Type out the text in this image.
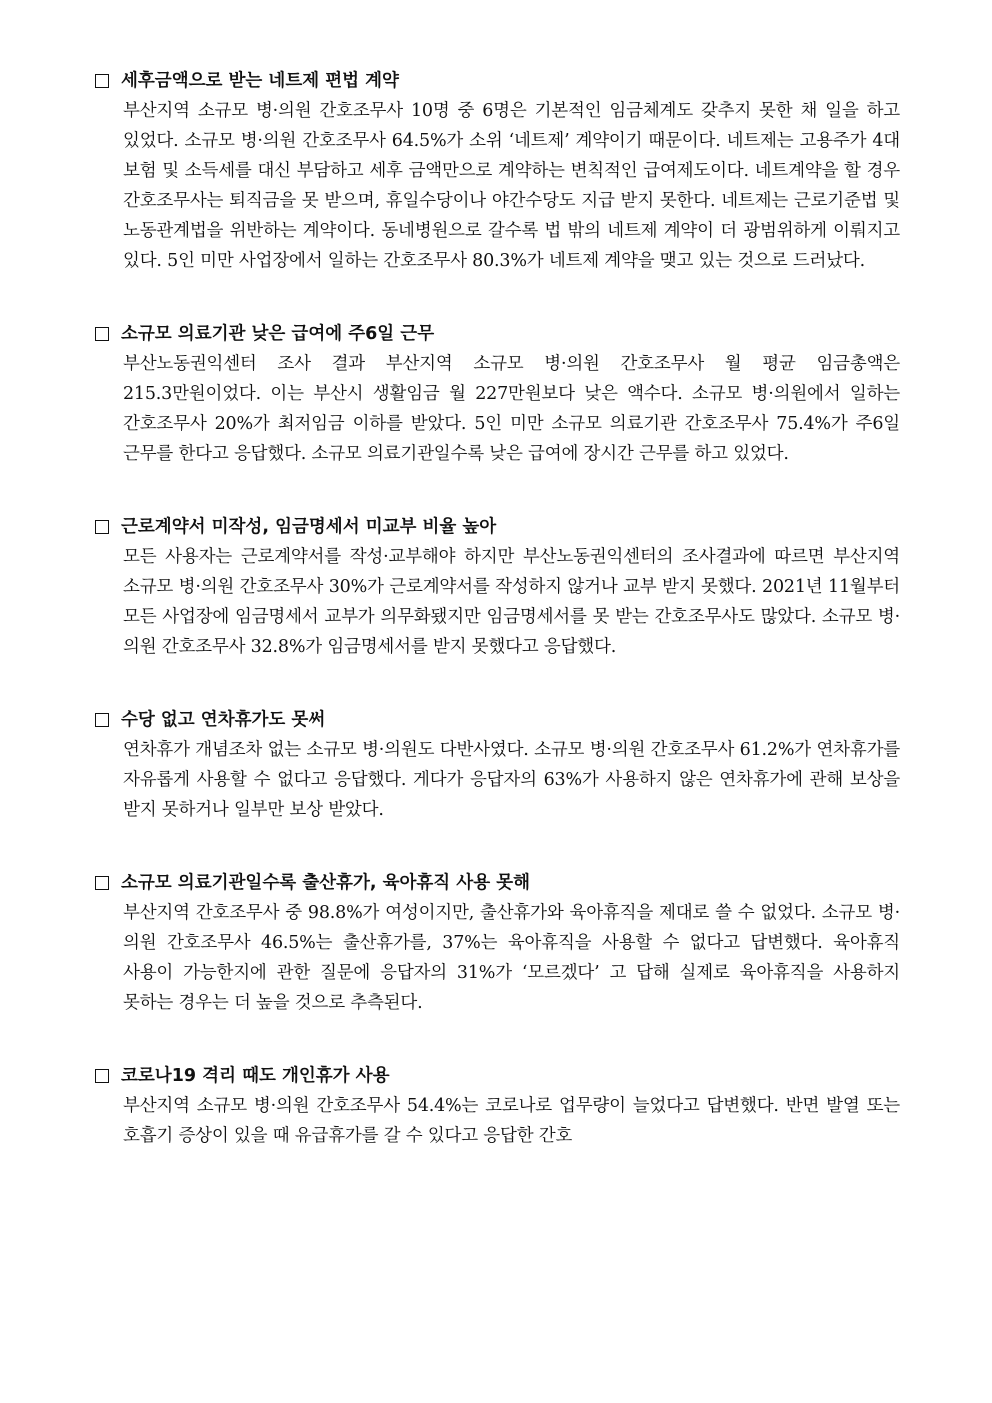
세후금액으로 받는 네트제 편법 계약

부산지역 소규모 병·의원 간호조무사 10명 중 6명은 기본적인 임금체계도 갖추지 못한 채 일을 하고 있었다. 소규모 병·의원 간호조무사 64.5%가 소위 ‘네트제’ 계약이기 때문이다. 네트제는 고용주가 4대 보험 및 소득세를 대신 부담하고 세후 금액만으로 계약하는 변칙적인 급여제도이다. 네트계약을 할 경우 간호조무사는 퇴직금을 못 받으며, 휴일수당이나 야간수당도 지급 받지 못한다. 네트제는 근로기준법 및 노동관계법을 위반하는 계약이다. 동네병원으로 갈수록 법 밖의 네트제 계약이 더 광범위하게 이뤄지고 있다. 5인 미만 사업장에서 일하는 간호조무사 80.3%가 네트제 계약을 맺고 있는 것으로 드러났다.

소규모 의료기관 낮은 급여에 주6일 근무

부산노동권익센터 조사 결과 부산지역 소규모 병·의원 간호조무사 월 평균 임금총액은 215.3만원이었다. 이는 부산시 생활임금 월 227만원보다 낮은 액수다. 소규모 병·의원에서 일하는 간호조무사 20%가 최저임금 이하를 받았다. 5인 미만 소규모 의료기관 간호조무사 75.4%가 주6일 근무를 한다고 응답했다. 소규모 의료기관일수록 낮은 급여에 장시간 근무를 하고 있었다.

근로계약서 미작성, 임금명세서 미교부 비율 높아

모든 사용자는 근로계약서를 작성·교부해야 하지만 부산노동권익센터의 조사결과에 따르면 부산지역 소규모 병·의원 간호조무사 30%가 근로계약서를 작성하지 않거나 교부 받지 못했다. 2021년 11월부터 모든 사업장에 임금명세서 교부가 의무화됐지만 임금명세서를 못 받는 간호조무사도 많았다. 소규모 병·의원 간호조무사 32.8%가 임금명세서를 받지 못했다고 응답했다.

수당 없고 연차휴가도 못써

연차휴가 개념조차 없는 소규모 병·의원도 다반사였다. 소규모 병·의원 간호조무사 61.2%가 연차휴가를 자유롭게 사용할 수 없다고 응답했다. 게다가 응답자의 63%가 사용하지 않은 연차휴가에 관해 보상을 받지 못하거나 일부만 보상 받았다.

소규모 의료기관일수록 출산휴가, 육아휴직 사용 못해

부산지역 간호조무사 중 98.8%가 여성이지만, 출산휴가와 육아휴직을 제대로 쓸 수 없었다. 소규모 병·의원 간호조무사 46.5%는 출산휴가를, 37%는 육아휴직을 사용할 수 없다고 답변했다. 육아휴직 사용이 가능한지에 관한 질문에 응답자의 31%가 ‘모르겠다’ 고 답해 실제로 육아휴직을 사용하지 못하는 경우는 더 높을 것으로 추측된다.

코로나19 격리 때도 개인휴가 사용

부산지역 소규모 병·의원 간호조무사 54.4%는 코로나로 업무량이 늘었다고 답변했다. 반면 발열 또는 호흡기 증상이 있을 때 유급휴가를 갈 수 있다고 응답한 간호
